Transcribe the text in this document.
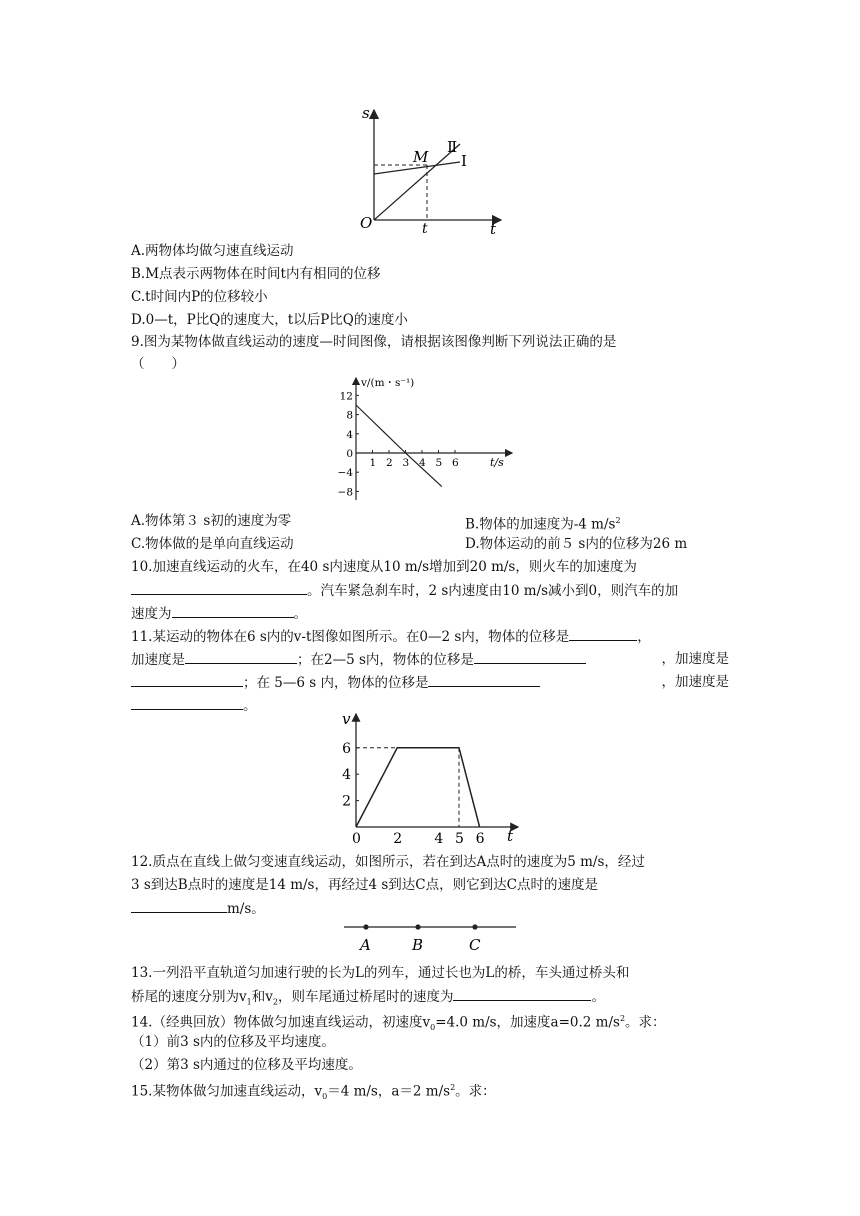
s
t
O	t
M
Ⅱ
Ⅰ
A.两物体均做匀速直线运动
B.M点表示两物体在时间t内有相同的位移
C.t时间内P的位移较小
D.0—t，P比Q的速度大，t以后P比Q的速度小
9.图为某物体做直线运动的速度—时间图像，请根据该图像判断下列说法正确的是
（　　）
1 2 3 4 5 6
12
8
4
0
−4
−8
v/(m・s⁻¹)
t/s
A.物体第３ s初的速度为零	B.物体的加速度为-4 $m/s^2$
C.物体做的是单向直线运动	D.物体运动的前５ s内的位移为26 m
10.加速直线运动的火车，在40 s内速度从10 m/s增加到20 m/s，则火车的加速度为
。汽车紧急刹车时，2 s内速度由10 m/s减小到0，则汽车的加
速度为	。
11.某运动的物体在6 s内的v-t图像如图所示。在0—2 s内，物体的位移是	，
加速度是	；在2—5 s内，物体的位移是	，加速度是
；在 5—6 s 内，物体的位移是	，加速度是
。
0 2 4 5 6
2
4
6
v
t
12.质点在直线上做匀变速直线运动，如图所示，若在到达A点时的速度为5 m/s，经过
3 s到达B点时的速度是14 m/s，再经过4 s到达C点，则它到达C点时的速度是
m/s。
A	B	C
13.一列沿平直轨道匀加速行驶的长为L的列车，通过长也为L的桥，车头通过桥头和
桥尾的速度分别为$v_1$和$v_2$，则车尾通过桥尾时的速度为	。
14.（经典回放）物体做匀加速直线运动，初速度$v_0=4.0$ m/s，加速度a=0.2 $m/s^2$。求：
（1）前3 s内的位移及平均速度。
（2）第3 s内通过的位移及平均速度。
15.某物体做匀加速直线运动，$v_0=4$ m/s，a＝2 $m/s^2$。求：
